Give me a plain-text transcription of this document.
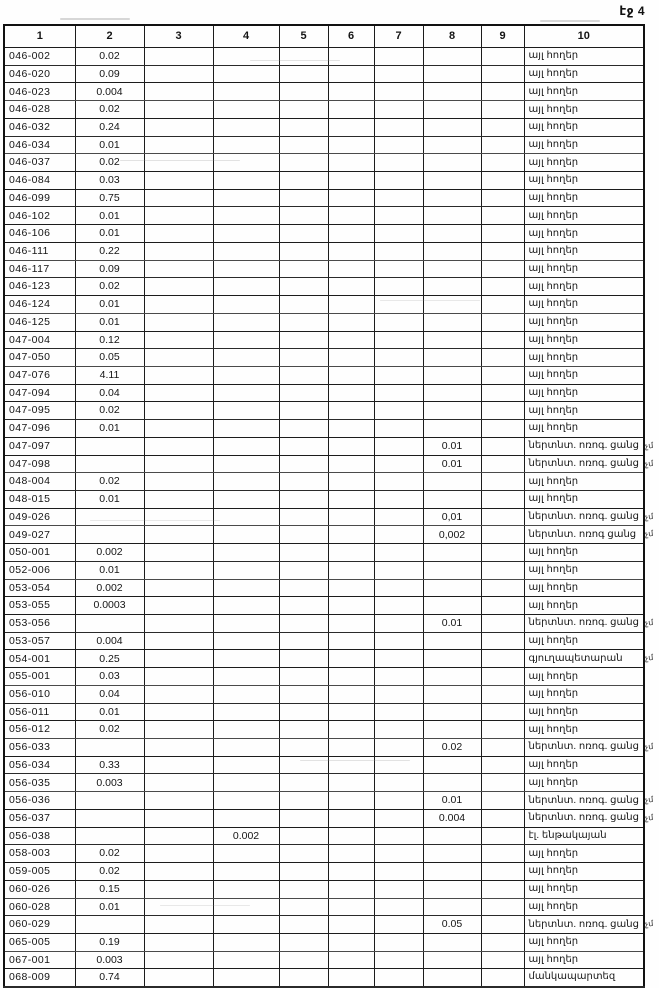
էջ 4
1	2	3	4	5	6	7	8	9	10
046-002	0.02								այլ հողեր
046-020	0.09								այլ հողեր
046-023	0.004								այլ հողեր
046-028	0.02								այլ հողեր
046-032	0.24								այլ հողեր
046-034	0.01								այլ հողեր
046-037	0.02								այլ հողեր
046-084	0.03								այլ հողեր
046-099	0.75								այլ հողեր
046-102	0.01								այլ հողեր
046-106	0.01								այլ հողեր
046-111	0.22								այլ հողեր
046-117	0.09								այլ հողեր
046-123	0.02								այլ հողեր
046-124	0.01								այլ հողեր
046-125	0.01								այլ հողեր
047-004	0.12								այլ հողեր
047-050	0.05								այլ հողեր
047-076	4.11								այլ հողեր
047-094	0.04								այլ հողեր
047-095	0.02								այլ հողեր
047-096	0.01								այլ հողեր
047-097							0.01		ներտնտ. ոռոգ. ցանց
047-098							0.01		ներտնտ. ոռոգ. ցանց
048-004	0.02								այլ հողեր
048-015	0.01								այլ հողեր
049-026							0,01		ներտնտ. ոռոգ. ցանց
049-027							0,002		ներտնտ. ոռոգ ցանց
050-001	0.002								այլ հողեր
052-006	0.01								այլ հողեր
053-054	0.002								այլ հողեր
053-055	0.0003								այլ հողեր
053-056							0.01		ներտնտ. ոռոգ. ցանց
053-057	0.004								այլ հողեր
054-001	0.25								գյուղապետարան
055-001	0.03								այլ հողեր
056-010	0.04								այլ հողեր
056-011	0.01								այլ հողեր
056-012	0.02								այլ հողեր
056-033							0.02		ներտնտ. ոռոգ. ցանց
056-034	0.33								այլ հողեր
056-035	0.003								այլ հողեր
056-036							0.01		ներտնտ. ոռոգ. ցանց
056-037							0.004		ներտնտ. ոռոգ. ցանց
056-038			0.002						էլ. ենթակայան
058-003	0.02								այլ հողեր
059-005	0.02								այլ հողեր
060-026	0.15								այլ հողեր
060-028	0.01								այլ հողեր
060-029							0.05		ներտնտ. ոռոգ. ցանց
065-005	0.19								այլ հողեր
067-001	0.003								այլ հողեր
068-009	0.74								մանկապարտեզ
չմ
չմ
չմ
չմ
չմ
չմ
չմ
չմ
չմ
չմ
